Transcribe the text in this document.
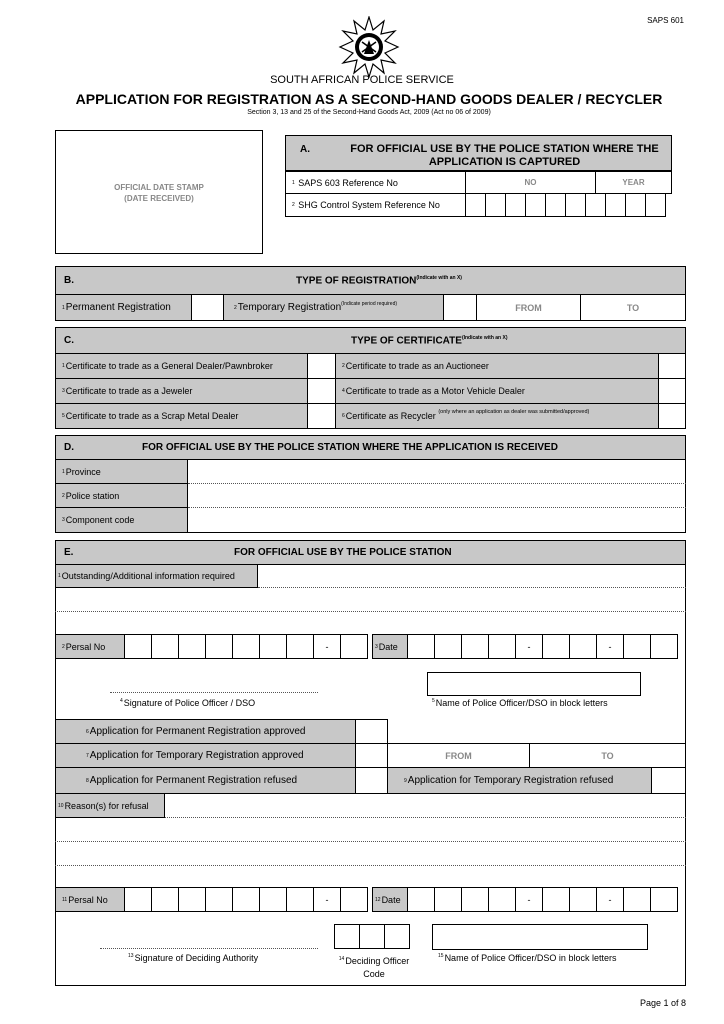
SAPS 601
SOUTH AFRICAN POLICE SERVICE
APPLICATION FOR REGISTRATION AS A SECOND-HAND GOODS DEALER / RECYCLER
Section 3, 13 and 25 of the Second-Hand Goods Act, 2009 (Act no 06 of 2009)
OFFICIAL DATE STAMP
(DATE RECEIVED)
A.	FOR OFFICIAL USE BY THE POLICE STATION WHERE THE
APPLICATION IS CAPTURED
1
SAPS 603 Reference No	NO	YEAR
2
SHG Control System Reference No
B.	TYPE OF $REGISTRATION^{(Indicate with an X)}$
1 Permanent Registration	2 Temporary Registration (Indicate period required)	FROM	TO
C.	TYPE OF $CERTIFICATE^{(Indicate with an X)}$
1 Certificate to trade as a General Dealer/Pawnbroker	2 Certificate to trade as an Auctioneer
3 Certificate to trade as a Jeweler	4 Certificate to trade as a Motor Vehicle Dealer
5 Certificate to trade as a Scrap Metal Dealer	6 Certificate as Recycler
(only where an application as dealer was submitted/approved)
D.	FOR OFFICIAL USE BY THE POLICE STATION WHERE THE APPLICATION IS RECEIVED
1 Province
2 Police station
3 Component code
E.	FOR OFFICIAL USE BY THE POLICE STATION
1 Outstanding/Additional information required
2 Persal No	-	3 Date	-	-
$^4$Signature of Police Officer / DSO	$^5$Name of Police Officer/DSO in block letters
6 Application for Permanent Registration approved
7 Application for Temporary Registration approved	FROM	TO
8 Application for Permanent Registration refused	9 Application for Temporary Registration refused
10 Reason(s) for refusal
11 Persal No	-	12 Date	-	-
$^{13}$Signature of Deciding Authority	$^{14}$Deciding Officer
Code
$^{15}$Name of Police Officer/DSO in block letters
Page 1 of 8
